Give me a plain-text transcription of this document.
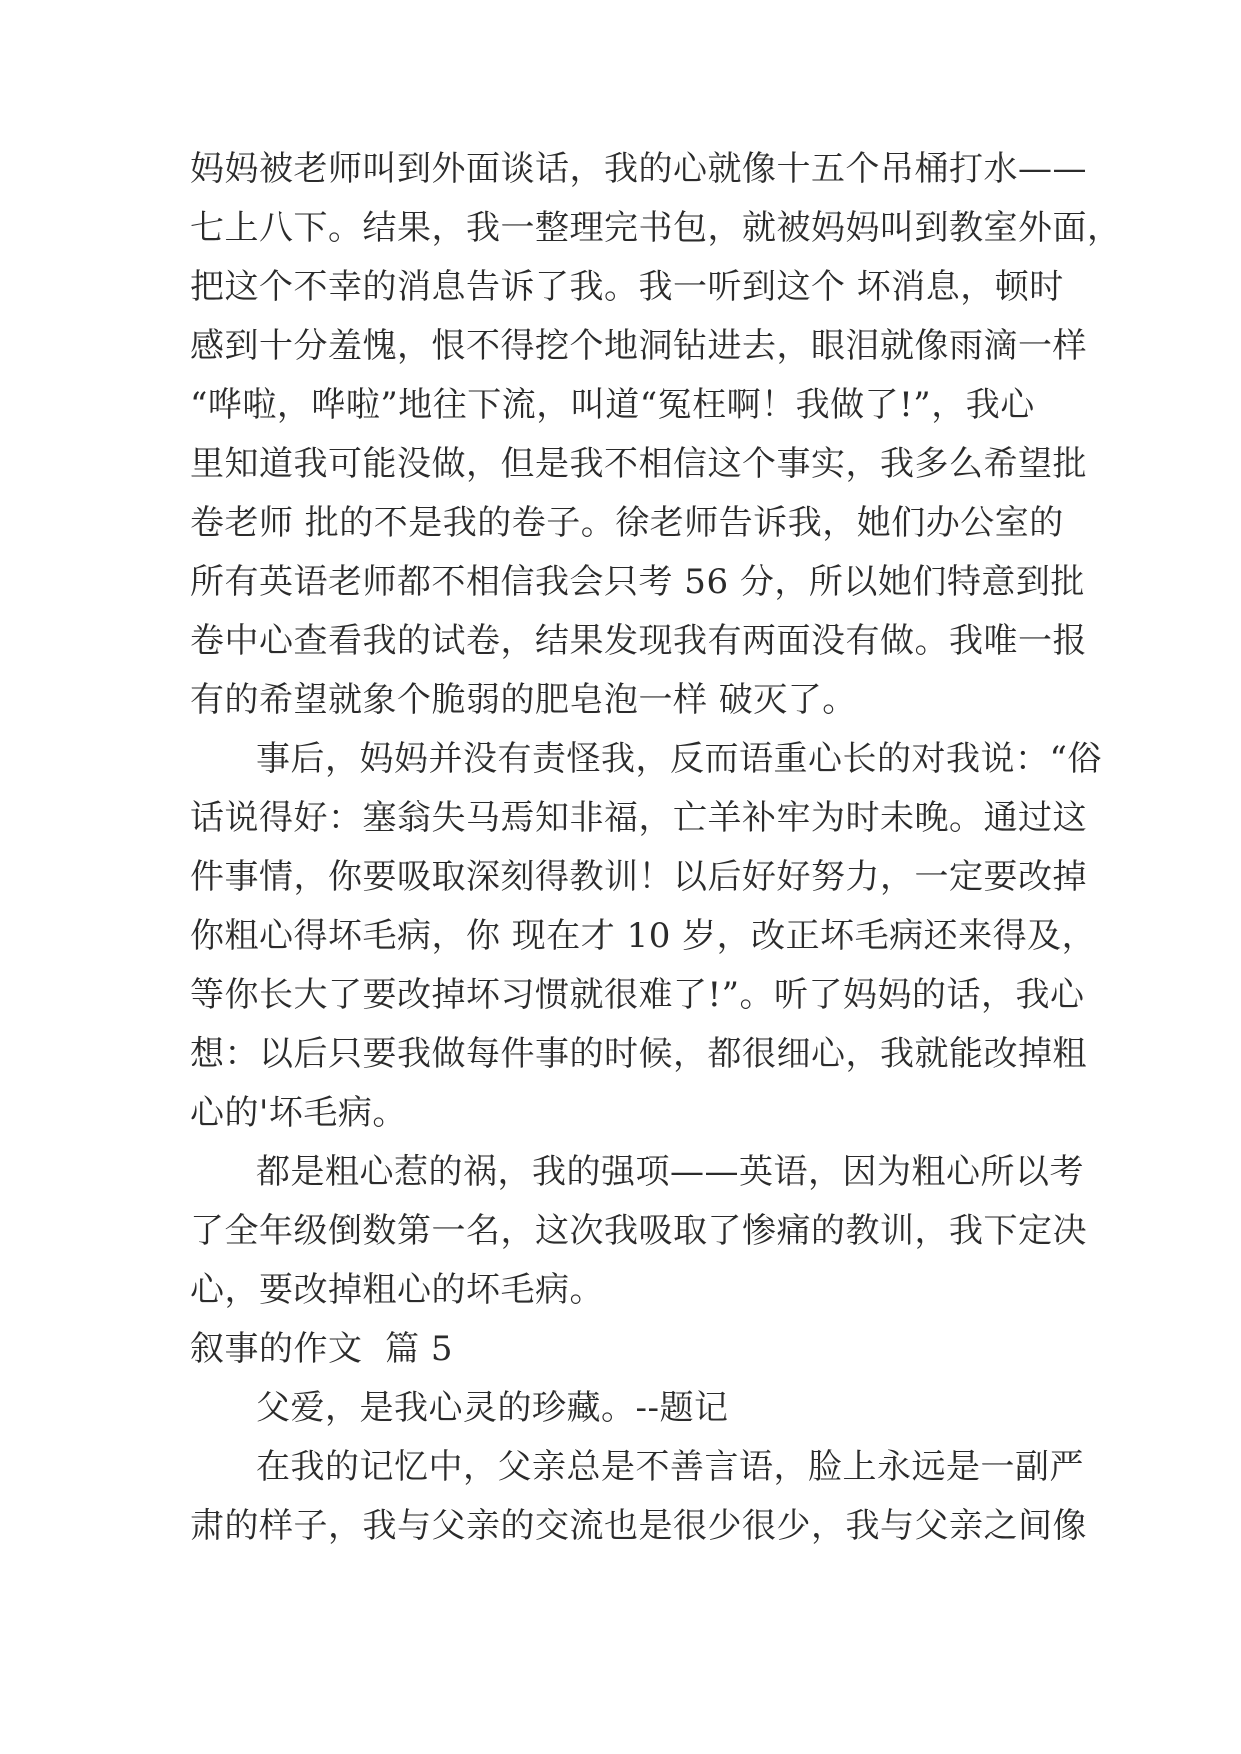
妈妈被老师叫到外面谈话，我的心就像十五个吊桶打水——
七上八下。结果，我一整理完书包，就被妈妈叫到教室外面，
把这个不幸的消息告诉了我。我一听到这个 坏消息，顿时
感到十分羞愧，恨不得挖个地洞钻进去，眼泪就像雨滴一样
“哗啦，哗啦”地往下流，叫道“冤枉啊！我做了!”，我心
里知道我可能没做，但是我不相信这个事实，我多么希望批
卷老师 批的不是我的卷子。徐老师告诉我，她们办公室的
所有英语老师都不相信我会只考 56 分，所以她们特意到批
卷中心查看我的试卷，结果发现我有两面没有做。我唯一报
有的希望就象个脆弱的肥皂泡一样 破灭了。
事后，妈妈并没有责怪我，反而语重心长的对我说：“俗
话说得好：塞翁失马焉知非福，亡羊补牢为时未晚。通过这
件事情，你要吸取深刻得教训！以后好好努力，一定要改掉
你粗心得坏毛病，你 现在才 10 岁，改正坏毛病还来得及，
等你长大了要改掉坏习惯就很难了!”。听了妈妈的话，我心
想：以后只要我做每件事的时候，都很细心，我就能改掉粗
心的'坏毛病。
都是粗心惹的祸，我的强项——英语，因为粗心所以考
了全年级倒数第一名，这次我吸取了惨痛的教训，我下定决
心，要改掉粗心的坏毛病。
叙事的作文  篇 5
父爱，是我心灵的珍藏。--题记
在我的记忆中，父亲总是不善言语，脸上永远是一副严
肃的样子，我与父亲的交流也是很少很少，我与父亲之间像
